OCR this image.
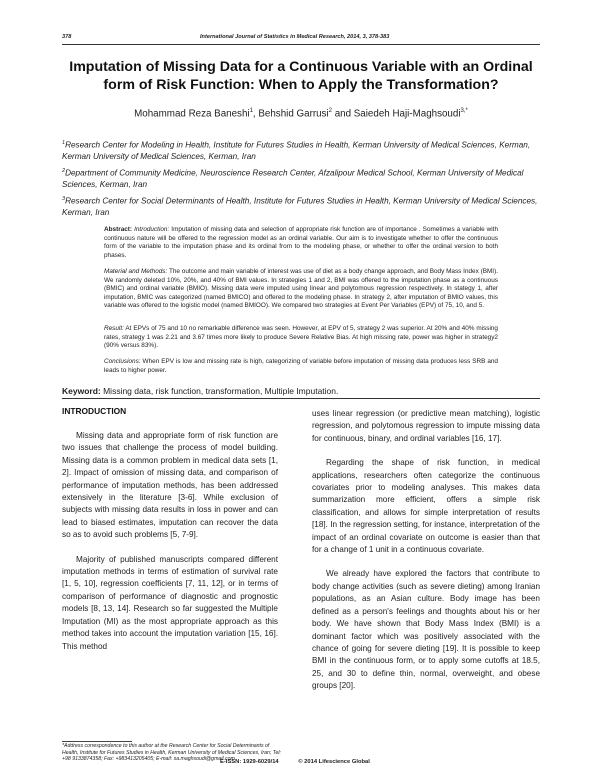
378	International Journal of Statistics in Medical Research, 2014, 3, 378-383
Imputation of Missing Data for a Continuous Variable with an Ordinal form of Risk Function: When to Apply the Transformation?
Mohammad Reza Baneshi$^1$, Behshid Garrusi$^2$ and Saiedeh Haji-Maghsoudi$^{3,*}$
$^1$Research Center for Modeling in Health, Institute for Futures Studies in Health, Kerman University of Medical Sciences, Kerman, Kerman University of Medical Sciences, Kerman, Iran
$^2$Department of Community Medicine, Neuroscience Research Center, Afzalipour Medical School, Kerman University of Medical Sciences, Kerman, Iran
$^3$Research Center for Social Determinants of Health, Institute for Futures Studies in Health, Kerman University of Medical Sciences, Kerman, Iran
Abstract: Introduction: Imputation of missing data and selection of appropriate risk function are of importance . Sometimes a variable with continuous nature will be offered to the regression model as an ordinal variable. Our aim is to investigate whether to offer the continuous form of the variable to the imputation phase and its ordinal from to the modeling phase, or whether to offer the ordinal version to both phases.
Material and Methods: The outcome and main variable of interest was use of diet as a body change approach, and Body Mass Index (BMI). We randomly deleted 10%, 20%, and 40% of BMI values. In strategies 1 and 2, BMI was offered to the imputation phase as a continuous (BMIC) and ordinal variable (BMIO). Missing data were imputed using linear and polytomous regression respectively. In stategy 1, after imputation, BMIC was categorized (named BMICO) and offered to the modeling phase. In strategy 2, after imputation of BMIO values, this variable was offered to the logistic model (named BMIOO). We compared two strategies at Event Per Variables (EPV) of 75, 10, and 5.
Result: At EPVs of 75 and 10 no remarkable difference was seen. However, at EPV of 5, strategy 2 was superior. At 20% and 40% missing rates, strategy 1 was 2.21 and 3.67 times more likely to produce Severe Relative Bias. At high missing rate, power was higher in strategy2 (90% versus 83%).
Conclusions: When EPV is low and missing rate is high, categorizing of variable before imputation of missing data produces less SRB and leads to higher power.
Keyword: Missing data, risk function, transformation, Multiple Imputation.
INTRODUCTION

Missing data and appropriate form of risk function are two issues that challenge the process of model building. Missing data is a common problem in medical data sets [1, 2]. Impact of omission of missing data, and comparison of performance of imputation methods, has been addressed extensively in the literature [3-6]. While exclusion of subjects with missing data results in loss in power and can lead to biased estimates, imputation can recover the data so as to avoid such problems [5, 7-9].

Majority of published manuscripts compared different imputation methods in terms of estimation of survival rate [1, 5, 10], regression coefficients [7, 11, 12], or in terms of comparison of performance of diagnostic and prognostic models [8, 13, 14]. Research so far suggested the Multiple Imputation (MI) as the most appropriate approach as this method takes into account the imputation variation [15, 16]. This method

uses linear regression (or predictive mean matching), logistic regression, and polytomous regression to impute missing data for continuous, binary, and ordinal variables [16, 17].

Regarding the shape of risk function, in medical applications, researchers often categorize the continuous covariates prior to modeling analyses. This makes data summarization more efficient, offers a simple risk classification, and allows for simple interpretation of results [18]. In the regression setting, for instance, interpretation of the impact of an ordinal covariate on outcome is easier than that for a change of 1 unit in a continuous covariate.

We already have explored the factors that contribute to body change activities (such as severe dieting) among Iranian populations, as an Asian culture. Body image has been defined as a person's feelings and thoughts about his or her body. We have shown that Body Mass Index (BMI) is a dominant factor which was positively associated with the chance of going for severe dieting [19]. It is possible to keep BMI in the continuous form, or to apply some cutoffs at 18.5, 25, and 30 to define thin, normal, overweight, and obese groups [20].

*Address correspondence to this author at the Research Center for Social Determinants of Health, Institute for Futures Studies in Health, Kerman University of Medical Sciences, Iran; Tel: +98 9133874358; Fax: +983413205405; E-mail: sa.maghsoudi@gmail.com
E-ISSN: 1929-6029/14	© 2014 Lifescience Global
